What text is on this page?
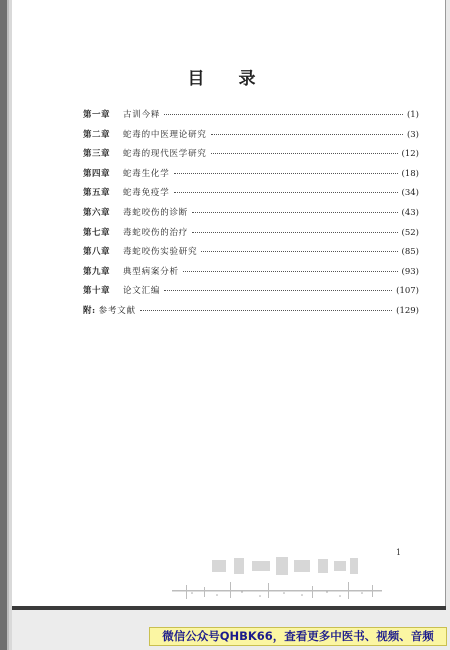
目 录
第一章	古训今释	(1)
第二章	蛇毒的中医理论研究	(3)
第三章	蛇毒的现代医学研究	(12)
第四章	蛇毒生化学	(18)
第五章	蛇毒免疫学	(34)
第六章	毒蛇咬伤的诊断	(43)
第七章	毒蛇咬伤的治疗	(52)
第八章	毒蛇咬伤实验研究	(85)
第九章	典型病案分析	(93)
第十章	论文汇编	(107)
附: 参考文献	(129)
1
微信公众号QHBK66，查看更多中医书、视频、音频
